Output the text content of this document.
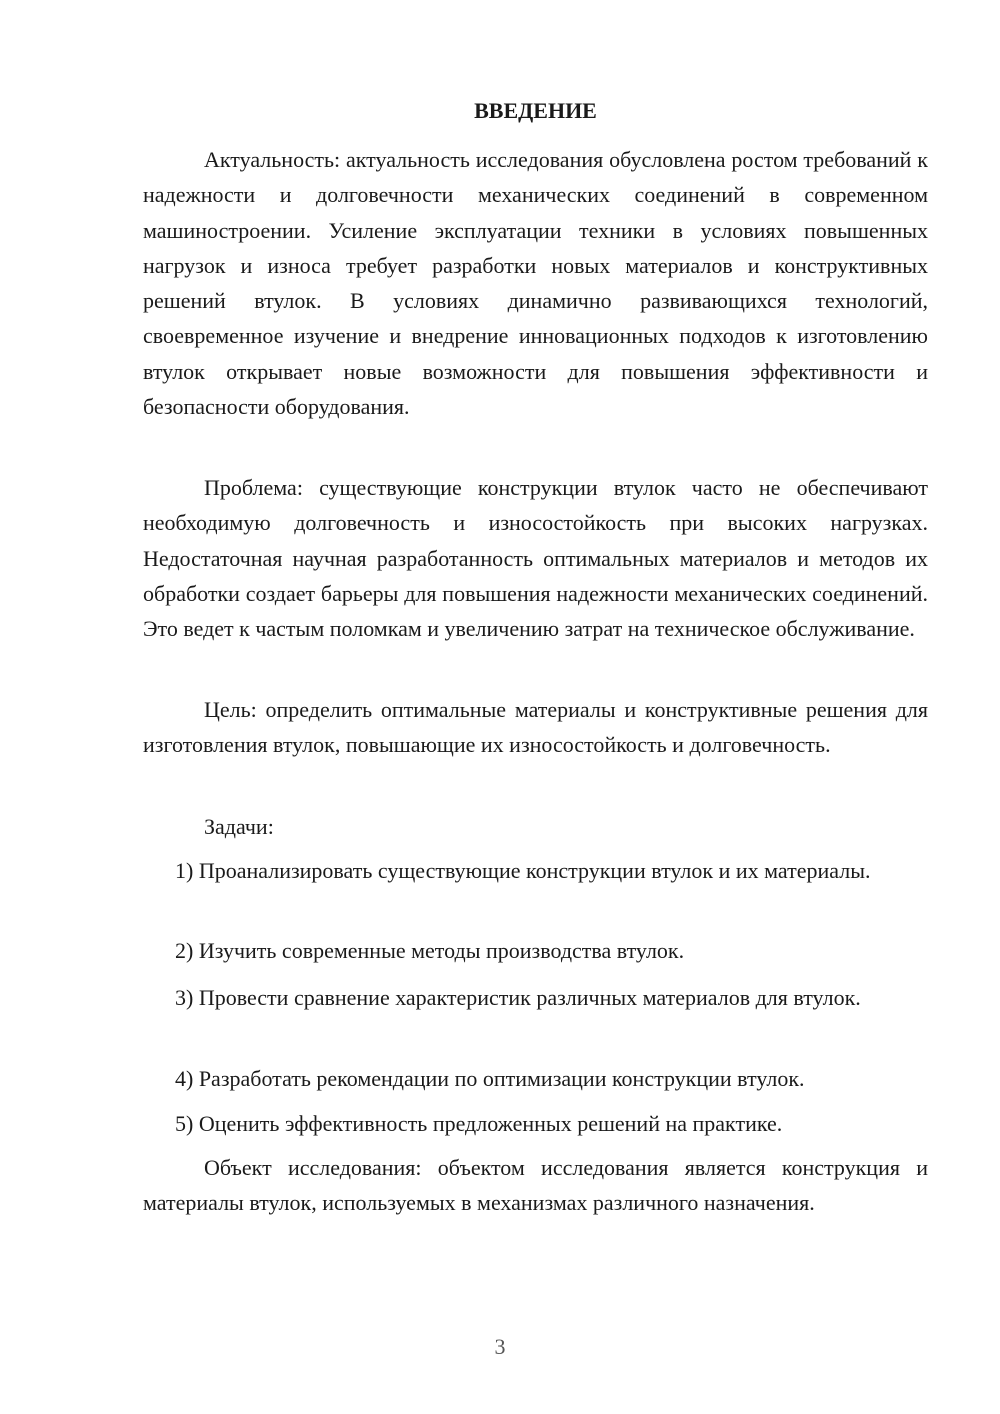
ВВЕДЕНИЕ

Актуальность: актуальность исследования обусловлена ростом требований к надежности и долговечности механических соединений в современном машиностроении. Усиление эксплуатации техники в условиях повышенных нагрузок и износа требует разработки новых материалов и конструктивных решений втулок. В условиях динамично развивающихся технологий, своевременное изучение и внедрение инновационных подходов к изготовлению втулок открывает новые возможности для повышения эффективности и безопасности оборудования.

Проблема: существующие конструкции втулок часто не обеспечивают необходимую долговечность и износостойкость при высоких нагрузках. Недостаточная научная разработанность оптимальных материалов и методов их обработки создает барьеры для повышения надежности механических соединений. Это ведет к частым поломкам и увеличению затрат на техническое обслуживание.

Цель: определить оптимальные материалы и конструктивные решения для изготовления втулок, повышающие их износостойкость и долговечность.

Задачи:

1) Проанализировать существующие конструкции втулок и их материалы.

2) Изучить современные методы производства втулок.

3) Провести сравнение характеристик различных материалов для втулок.

4) Разработать рекомендации по оптимизации конструкции втулок.

5) Оценить эффективность предложенных решений на практике.

Объект исследования: объектом исследования является конструкция и материалы втулок, используемых в механизмах различного назначения.

3
